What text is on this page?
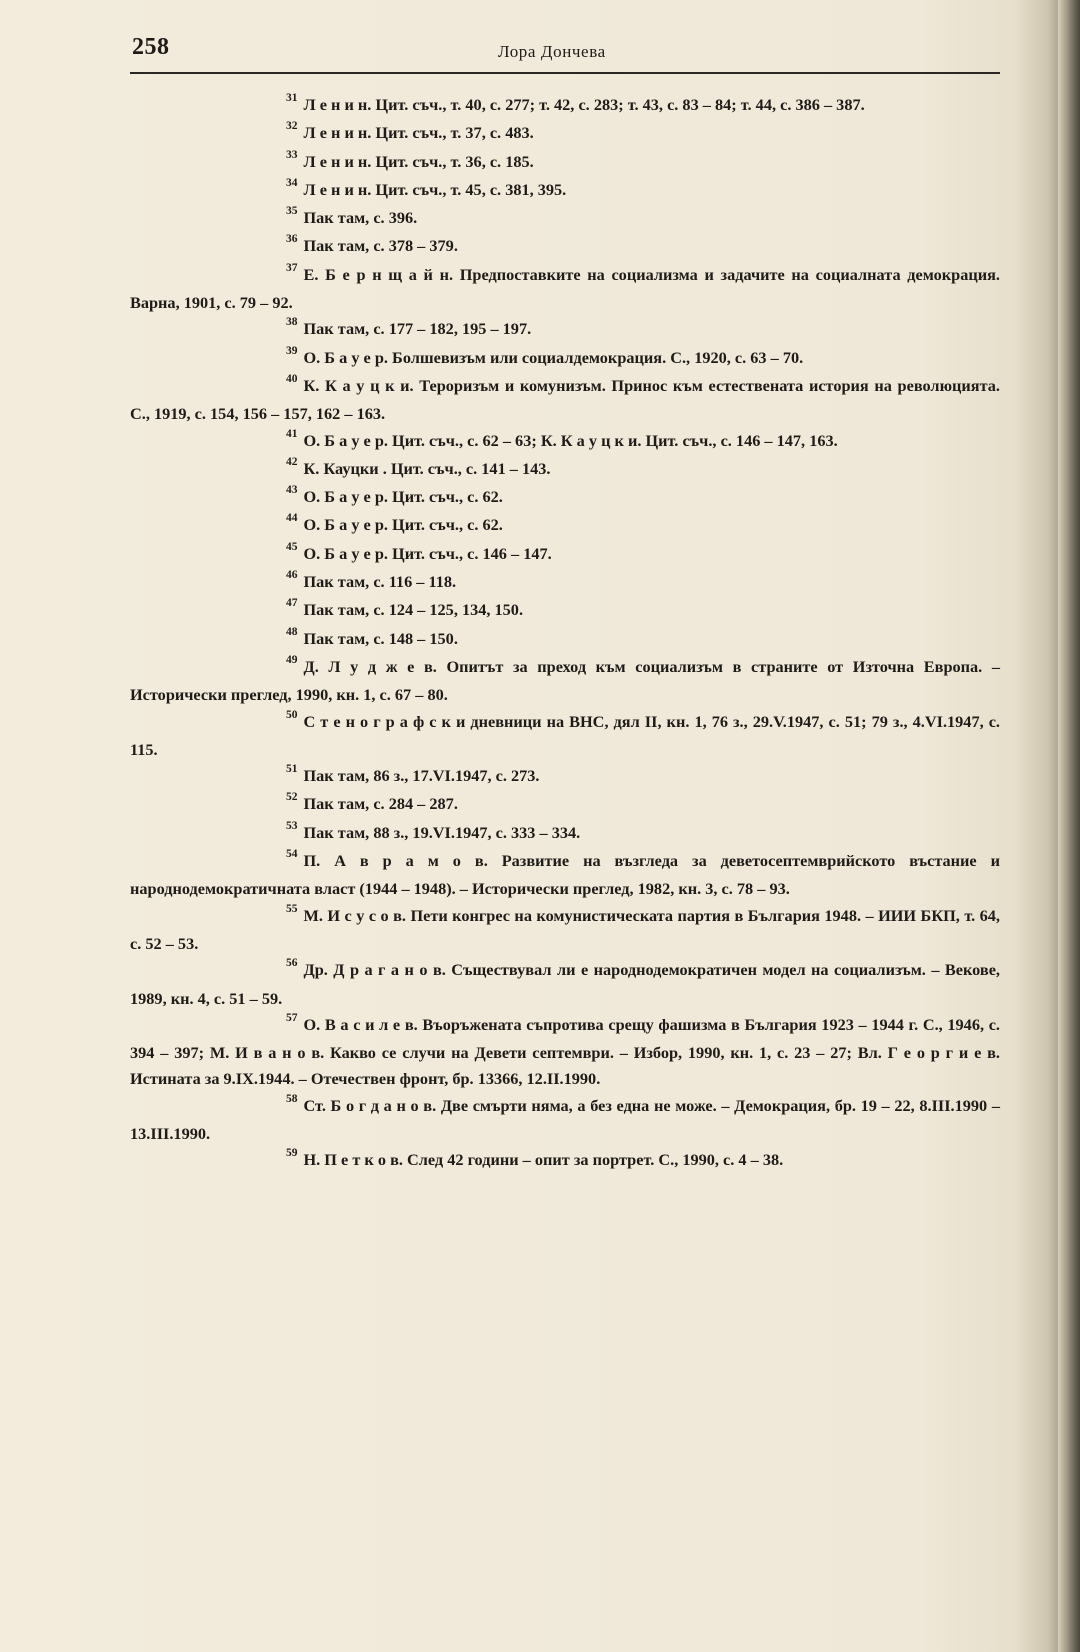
258	Лора Дончева

31 Л е н и н. Цит. съч., т. 40, с. 277; т. 42, с. 283; т. 43, с. 83 – 84; т. 44, с. 386 – 387.

32 Л е н и н. Цит. съч., т. 37, с. 483.

33 Л е н и н. Цит. съч., т. 36, с. 185.

34 Л е н и н. Цит. съч., т. 45, с. 381, 395.

35 Пак там, с. 396.

36 Пак там, с. 378 – 379.

37 Е. Б е р н щ а й н. Предпоставките на социализма и задачите на социалната демокрация. Варна, 1901, с. 79 – 92.

38 Пак там, с. 177 – 182, 195 – 197.

39 О. Б а у е р. Болшевизъм или социалдемокрация. С., 1920, с. 63 – 70.

40 К. К а у ц к и. Тероризъм и комунизъм. Принос към естествената история на революцията. С., 1919, с. 154, 156 – 157, 162 – 163.

41 О. Б а у е р. Цит. съч., с. 62 – 63; К. К а у ц к и. Цит. съч., с. 146 – 147, 163.

42 К. Кауцки . Цит. съч., с. 141 – 143.

43 О. Б а у е р. Цит. съч., с. 62.

44 О. Б а у е р. Цит. съч., с. 62.

45 О. Б а у е р. Цит. съч., с. 146 – 147.

46 Пак там, с. 116 – 118.

47 Пак там, с. 124 – 125, 134, 150.

48 Пак там, с. 148 – 150.

49 Д. Л у д ж е в. Опитът за преход към социализъм в страните от Източна Европа. – Исторически преглед, 1990, кн. 1, с. 67 – 80.

50 С т е н о г р а ф с к и дневници на ВНС, дял II, кн. 1, 76 з., 29.V.1947, с. 51; 79 з., 4.VI.1947, с. 115.

51 Пак там, 86 з., 17.VI.1947, с. 273.

52 Пак там, с. 284 – 287.

53 Пак там, 88 з., 19.VI.1947, с. 333 – 334.

54 П. А в р а м о в. Развитие на възгледа за деветосептемврийското въстание и народнодемократичната власт (1944 – 1948). – Исторически преглед, 1982, кн. 3, с. 78 – 93.

55 М. И с у с о в. Пети конгрес на комунистическата партия в България 1948. – ИИИ БКП, т. 64, с. 52 – 53.

56 Др. Д р а г а н о в. Съществувал ли е народнодемократичен модел на социализъм. – Векове, 1989, кн. 4, с. 51 – 59.

57 О. В а с и л е в. Въоръжената съпротива срещу фашизма в България 1923 – 1944 г. С., 1946, с. 394 – 397; М. И в а н о в. Какво се случи на Девети септември. – Избор, 1990, кн. 1, с. 23 – 27; Вл. Г е о р г и е в. Истината за 9.IX.1944. – Отечествен фронт, бр. 13366, 12.II.1990.

58 Ст. Б о г д а н о в. Две смърти няма, а без една не може. – Демокрация, бр. 19 – 22, 8.III.1990 – 13.III.1990.

59 Н. П е т к о в. След 42 години – опит за портрет. С., 1990, с. 4 – 38.
